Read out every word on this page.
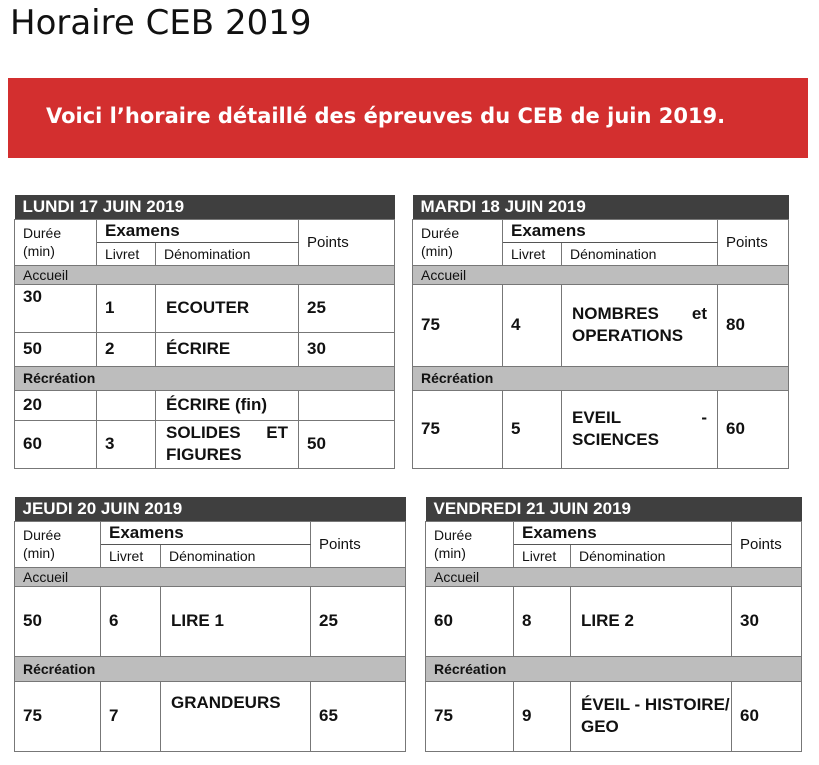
Horaire CEB 2019
Voici l’horaire détaillé des épreuves du CEB de juin 2019.
LUNDI 17 JUIN 2019			
Durée
(min)	Examens		Points
	Livret	Dénomination	
Accueil			
30	1	ECOUTER	25
50	2	ÉCRIRE	30
Récréation			
20		ÉCRIRE (fin)	
60	3	SOLIDES ET FIGURES	50
MARDI 18 JUIN 2019			
Durée
(min)	Examens		Points
	Livret	Dénomination	
Accueil			
75	4	NOMBRES et OPERATIONS	80
Récréation			
75	5	EVEIL - SCIENCES	60
JEUDI 20 JUIN 2019			
Durée
(min)	Examens		Points
	Livret	Dénomination	
Accueil			
50	6	LIRE 1	25
Récréation			
75	7	GRANDEURS	65
VENDREDI 21 JUIN 2019			
Durée
(min)	Examens		Points
	Livret	Dénomination	
Accueil			
60	8	LIRE 2	30
Récréation			
75	9	ÉVEIL - HISTOIRE/ GEO	60
